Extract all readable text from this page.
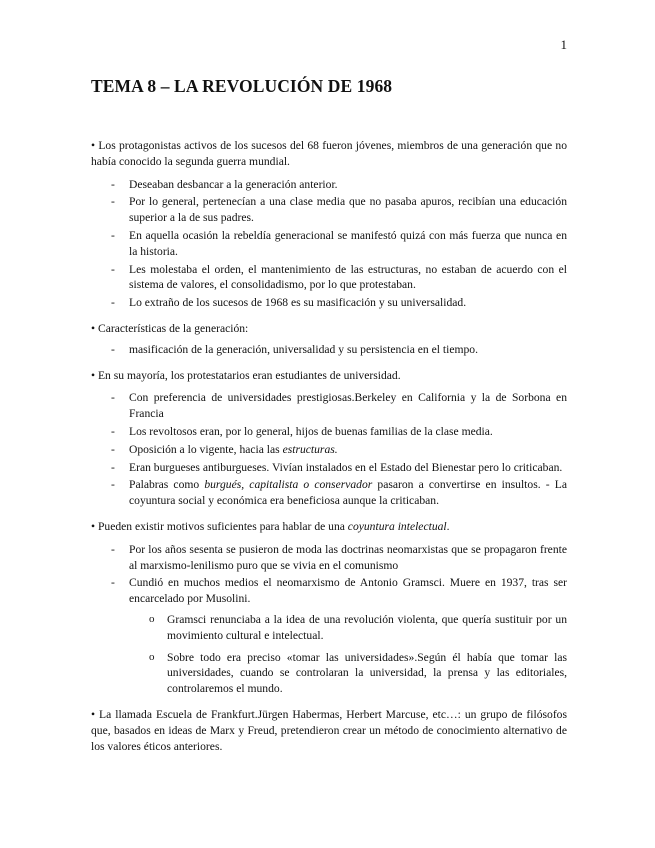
1
TEMA 8 – LA REVOLUCIÓN DE 1968

• Los protagonistas activos de los sucesos del 68 fueron jóvenes, miembros de una generación que no había conocido la segunda guerra mundial.

- Deseaban desbancar a la generación anterior.
- Por lo general, pertenecían a una clase media que no pasaba apuros, recibían una educación superior a la de sus padres.
- En aquella ocasión la rebeldía generacional se manifestó quizá con más fuerza que nunca en la historia.
- Les molestaba el orden, el mantenimiento de las estructuras, no estaban de acuerdo con el sistema de valores, el consolidadismo, por lo que protestaban.
- Lo extraño de los sucesos de 1968 es su masificación y su universalidad.

• Características de la generación:

- masificación de la generación, universalidad y su persistencia en el tiempo.

• En su mayoría, los protestatarios eran estudiantes de universidad.

- Con preferencia de universidades prestigiosas.Berkeley en California y la de Sorbona en Francia
- Los revoltosos eran, por lo general, hijos de buenas familias de la clase media.
- Oposición a lo vigente, hacia las estructuras.
- Eran burgueses antiburgueses. Vivían instalados en el Estado del Bienestar pero lo criticaban.
- Palabras como burgués, capitalista o conservador pasaron a convertirse en insultos. - La coyuntura social y económica era beneficiosa aunque la criticaban.

• Pueden existir motivos suficientes para hablar de una coyuntura intelectual.

- Por los años sesenta se pusieron de moda las doctrinas neomarxistas que se propagaron frente al marxismo-lenilismo puro que se vivia en el comunismo
- Cundió en muchos medios el neomarxismo de Antonio Gramsci. Muere en 1937, tras ser encarcelado por Musolini.
o Gramsci renunciaba a la idea de una revolución violenta, que quería sustituir por un movimiento cultural e intelectual.
o Sobre todo era preciso «tomar las universidades».Según él había que tomar las universidades, cuando se controlaran la universidad, la prensa y las editoriales, controlaremos el mundo.

• La llamada Escuela de Frankfurt.Jürgen Habermas, Herbert Marcuse, etc…: un grupo de filósofos que, basados en ideas de Marx y Freud, pretendieron crear un método de conocimiento alternativo de los valores éticos anteriores.
